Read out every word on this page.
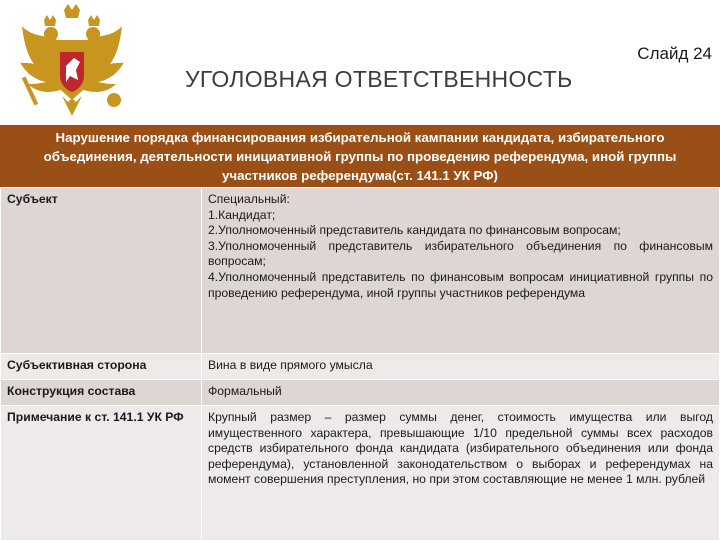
Слайд 24
УГОЛОВНАЯ ОТВЕТСТВЕННОСТЬ
Нарушение порядка финансирования избирательной кампании кандидата, избирательного объединения, деятельности инициативной группы по проведению референдума, иной группы участников референдума(ст. 141.1 УК РФ)
Субъект	Специальный:
1.Кандидат;
2.Уполномоченный представитель кандидата по финансовым вопросам;
3.Уполномоченный представитель избирательного объединения по финансовым вопросам;
4.Уполномоченный представитель по финансовым вопросам инициативной группы по проведению референдума, иной группы участников референдума

Субъективная сторона	Вина в виде прямого умысла
Конструкция состава	Формальный
Примечание к ст. 141.1 УК РФ	Крупный размер – размер суммы денег, стоимость имущества или выгод имущественного характера, превышающие 1/10 предельной суммы всех расходов средств избирательного фонда кандидата (избирательного объединения или фонда референдума), установленной законодательством о выборах и референдумах на момент совершения преступления, но при этом составляющие не менее 1 млн. рублей
